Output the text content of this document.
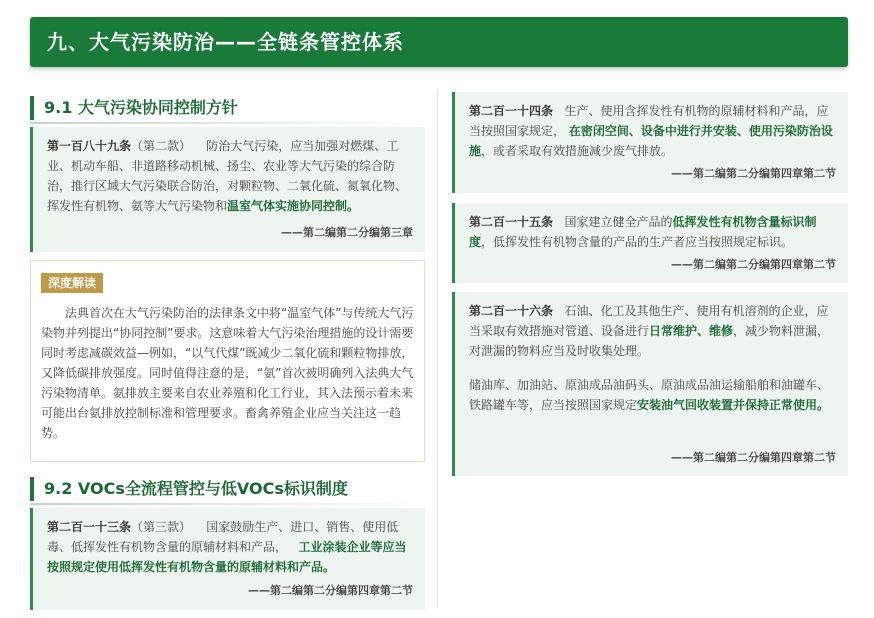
九、大气污染防治——全链条管控体系
9.1 大气污染协同控制方针

第一百八十九条（第二款） 防治大气污染，应当加强对燃煤、工业、机动车船、非道路移动机械、扬尘、农业等大气污染的综合防治，推行区域大气污染联合防治，对颗粒物、二氧化硫、氮氧化物、挥发性有机物、氨等大气污染物和温室气体实施协同控制。

——第二编第二分编第三章
深度解读

法典首次在大气污染防治的法律条文中将“温室气体”与传统大气污染物并列提出“协同控制”要求。这意味着大气污染治理措施的设计需要同时考虑减碳效益—例如，“以气代煤”既减少二氧化硫和颗粒物排放，又降低碳排放强度。同时值得注意的是，“氨”首次被明确列入法典大气污染物清单。氨排放主要来自农业养殖和化工行业，其入法预示着未来可能出台氨排放控制标准和管理要求。畜禽养殖企业应当关注这一趋势。

9.2 VOCs全流程管控与低VOCs标识制度

第二百一十三条（第三款） 国家鼓励生产、进口、销售、使用低毒、低挥发性有机物含量的原辅材料和产品， 工业涂装企业等应当按照规定使用低挥发性有机物含量的原辅材料和产品。

——第二编第二分编第四章第二节

第二百一十四条 生产、使用含挥发性有机物的原辅材料和产品，应当按照国家规定， 在密闭空间、设备中进行并安装、使用污染防治设施，或者采取有效措施减少废气排放。

——第二编第二分编第四章第二节

第二百一十五条 国家建立健全产品的低挥发性有机物含量标识制度，低挥发性有机物含量的产品的生产者应当按照规定标识。

——第二编第二分编第四章第二节

第二百一十六条 石油、化工及其他生产、使用有机溶剂的企业，应当采取有效措施对管道、设备进行日常维护、维修，减少物料泄漏，对泄漏的物料应当及时收集处理。

储油库、加油站、原油成品油码头、原油成品油运输船舶和油罐车、铁路罐车等，应当按照国家规定安装油气回收装置并保持正常使用。

——第二编第二分编第四章第二节
